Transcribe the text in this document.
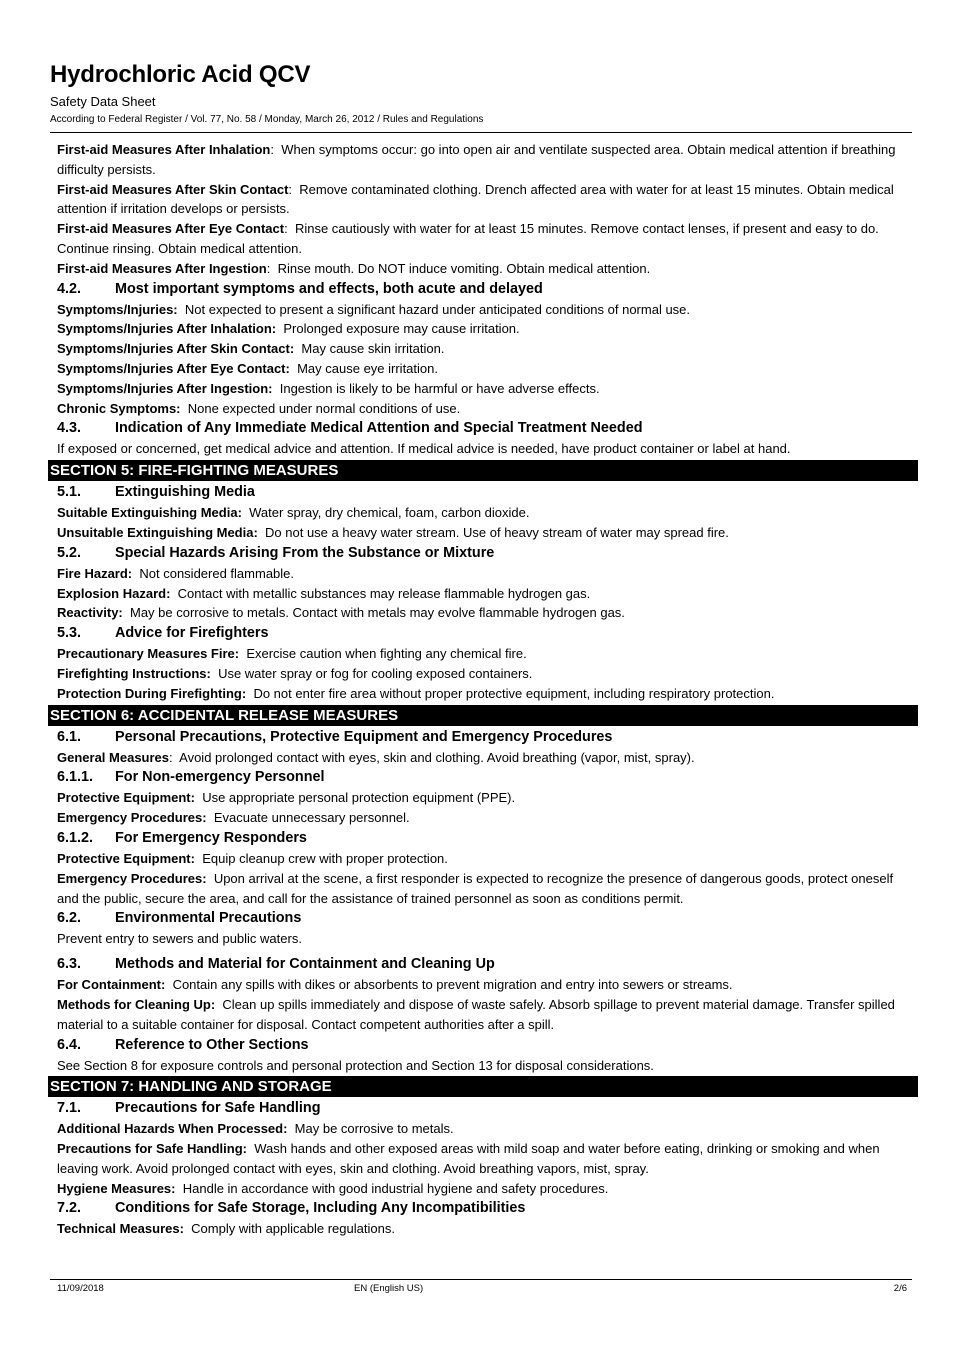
Hydrochloric Acid QCV
Safety Data Sheet
According to Federal Register / Vol. 77, No. 58 / Monday, March 26, 2012 / Rules and Regulations

First-aid Measures After Inhalation:  When symptoms occur: go into open air and ventilate suspected area. Obtain medical attention if breathing difficulty persists.

First-aid Measures After Skin Contact:  Remove contaminated clothing. Drench affected area with water for at least 15 minutes. Obtain medical attention if irritation develops or persists.

First-aid Measures After Eye Contact:  Rinse cautiously with water for at least 15 minutes. Remove contact lenses, if present and easy to do. Continue rinsing. Obtain medical attention.

First-aid Measures After Ingestion:  Rinse mouth. Do NOT induce vomiting. Obtain medical attention.

4.2.	Most important symptoms and effects, both acute and delayed

Symptoms/Injuries: Not expected to present a significant hazard under anticipated conditions of normal use.

Symptoms/Injuries After Inhalation: Prolonged exposure may cause irritation.

Symptoms/Injuries After Skin Contact: May cause skin irritation.

Symptoms/Injuries After Eye Contact: May cause eye irritation.

Symptoms/Injuries After Ingestion: Ingestion is likely to be harmful or have adverse effects.

Chronic Symptoms: None expected under normal conditions of use.

4.3.	Indication of Any Immediate Medical Attention and Special Treatment Needed

If exposed or concerned, get medical advice and attention. If medical advice is needed, have product container or label at hand.

SECTION 5: FIRE-FIGHTING MEASURES
5.1.	Extinguishing Media

Suitable Extinguishing Media: Water spray, dry chemical, foam, carbon dioxide.

Unsuitable Extinguishing Media: Do not use a heavy water stream. Use of heavy stream of water may spread fire.

5.2.	Special Hazards Arising From the Substance or Mixture

Fire Hazard: Not considered flammable.

Explosion Hazard: Contact with metallic substances may release flammable hydrogen gas.

Reactivity: May be corrosive to metals. Contact with metals may evolve flammable hydrogen gas.

5.3.	Advice for Firefighters

Precautionary Measures Fire: Exercise caution when fighting any chemical fire.

Firefighting Instructions: Use water spray or fog for cooling exposed containers.

Protection During Firefighting: Do not enter fire area without proper protective equipment, including respiratory protection.

SECTION 6: ACCIDENTAL RELEASE MEASURES
6.1.	Personal Precautions, Protective Equipment and Emergency Procedures

General Measures:  Avoid prolonged contact with eyes, skin and clothing. Avoid breathing (vapor, mist, spray).

6.1.1.	For Non-emergency Personnel

Protective Equipment: Use appropriate personal protection equipment (PPE).

Emergency Procedures: Evacuate unnecessary personnel.

6.1.2.	For Emergency Responders

Protective Equipment: Equip cleanup crew with proper protection.

Emergency Procedures: Upon arrival at the scene, a first responder is expected to recognize the presence of dangerous goods, protect oneself and the public, secure the area, and call for the assistance of trained personnel as soon as conditions permit.

6.2.	Environmental Precautions

Prevent entry to sewers and public waters.

6.3.	Methods and Material for Containment and Cleaning Up

For Containment: Contain any spills with dikes or absorbents to prevent migration and entry into sewers or streams.

Methods for Cleaning Up: Clean up spills immediately and dispose of waste safely. Absorb spillage to prevent material damage. Transfer spilled material to a suitable container for disposal. Contact competent authorities after a spill.

6.4.	Reference to Other Sections

See Section 8 for exposure controls and personal protection and Section 13 for disposal considerations.

SECTION 7: HANDLING AND STORAGE
7.1.	Precautions for Safe Handling

Additional Hazards When Processed: May be corrosive to metals.

Precautions for Safe Handling: Wash hands and other exposed areas with mild soap and water before eating, drinking or smoking and when leaving work. Avoid prolonged contact with eyes, skin and clothing. Avoid breathing vapors, mist, spray.

Hygiene Measures: Handle in accordance with good industrial hygiene and safety procedures.

7.2.	Conditions for Safe Storage, Including Any Incompatibilities

Technical Measures: Comply with applicable regulations.

11/09/2018	EN (English US)	2/6
